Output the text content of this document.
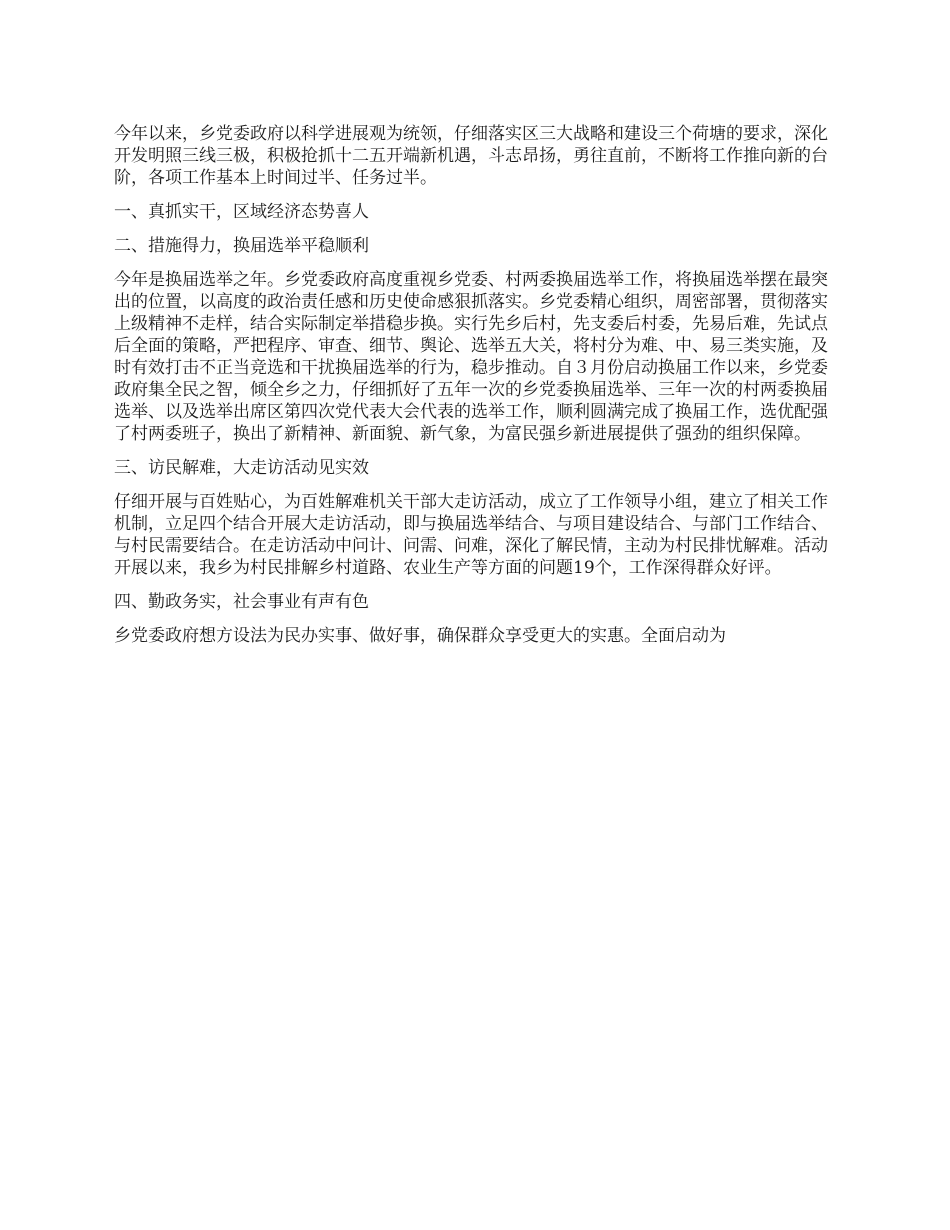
今年以来，乡党委政府以科学进展观为统领，仔细落实区三大战略和建设三个荷塘的要求，深化开发明照三线三极，积极抢抓十二五开端新机遇，斗志昂扬，勇往直前，不断将工作推向新的台阶，各项工作基本上时间过半、任务过半。

一、真抓实干，区域经济态势喜人

二、措施得力，换届选举平稳顺利

今年是换届选举之年。乡党委政府高度重视乡党委、村两委换届选举工作，将换届选举摆在最突出的位置，以高度的政治责任感和历史使命感狠抓落实。乡党委精心组织，周密部署，贯彻落实上级精神不走样，结合实际制定举措稳步换。实行先乡后村，先支委后村委，先易后难，先试点后全面的策略，严把程序、审查、细节、舆论、选举五大关，将村分为难、中、易三类实施，及时有效打击不正当竞选和干扰换届选举的行为，稳步推动。自３月份启动换届工作以来，乡党委政府集全民之智，倾全乡之力，仔细抓好了五年一次的乡党委换届选举、三年一次的村两委换届选举、以及选举出席区第四次党代表大会代表的选举工作，顺利圆满完成了换届工作，选优配强了村两委班子，换出了新精神、新面貌、新气象，为富民强乡新进展提供了强劲的组织保障。

三、访民解难，大走访活动见实效

仔细开展与百姓贴心，为百姓解难机关干部大走访活动，成立了工作领导小组，建立了相关工作机制，立足四个结合开展大走访活动，即与换届选举结合、与项目建设结合、与部门工作结合、与村民需要结合。在走访活动中问计、问需、问难，深化了解民情，主动为村民排忧解难。活动开展以来，我乡为村民排解乡村道路、农业生产等方面的问题19个，工作深得群众好评。

四、勤政务实，社会事业有声有色

乡党委政府想方设法为民办实事、做好事，确保群众享受更大的实惠。全面启动为
